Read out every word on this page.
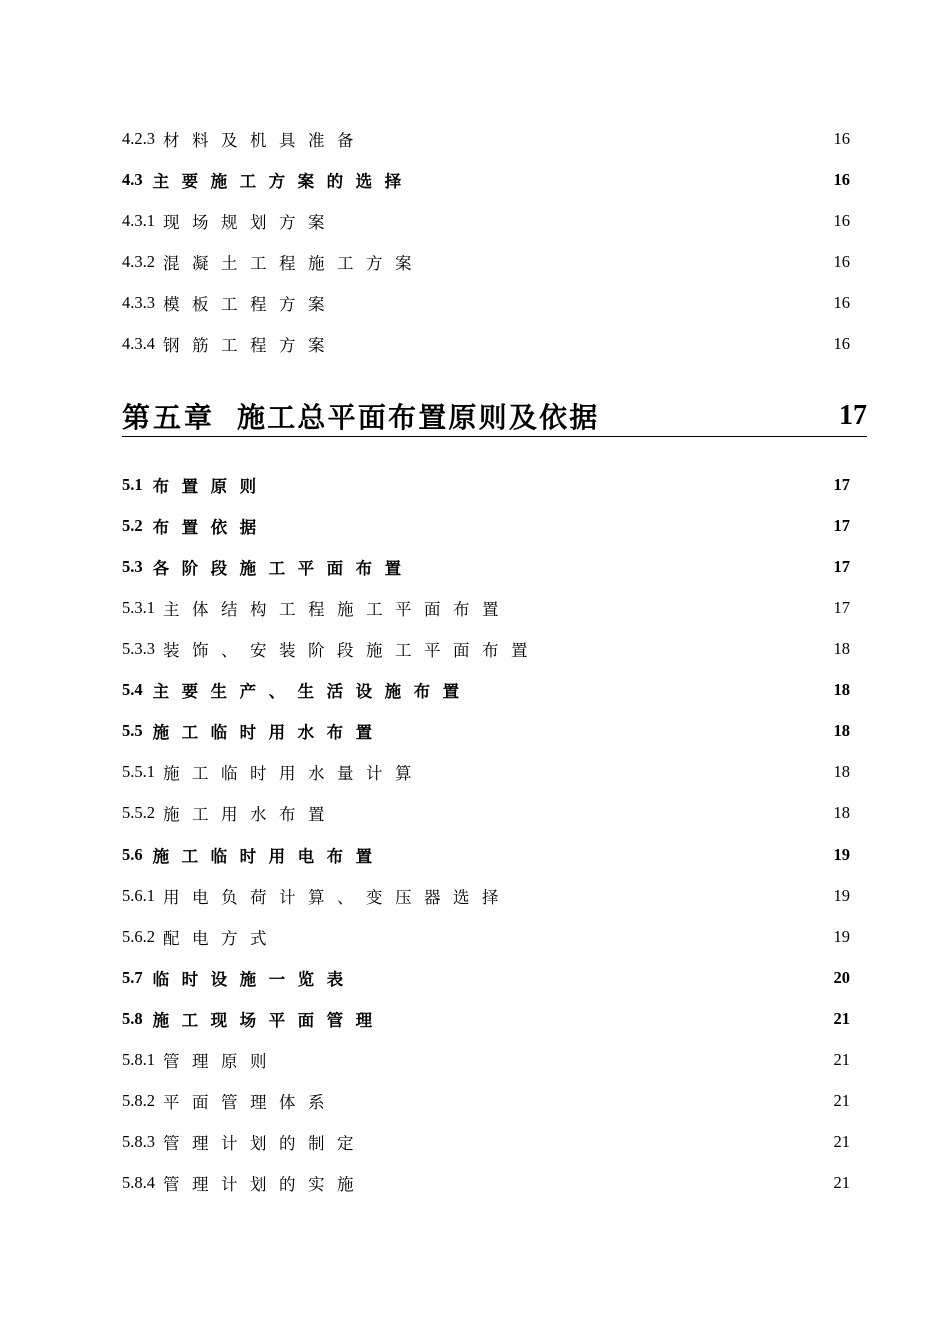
4.2.3 材料及机具准备	16
4.3 主要施工方案的选择	16
4.3.1 现场规划方案	16
4.3.2 混凝土工程施工方案	16
4.3.3 模板工程方案	16
4.3.4 钢筋工程方案	16
第五章 施工总平面布置原则及依据	17
5.1 布置原则	17
5.2 布置依据	17
5.3 各阶段施工平面布置	17
5.3.1 主体结构工程施工平面布置	17
5.3.3 装饰、安装阶段施工平面布置	18
5.4 主要生产、生活设施布置	18
5.5 施工临时用水布置	18
5.5.1 施工临时用水量计算	18
5.5.2 施工用水布置	18
5.6 施工临时用电布置	19
5.6.1 用电负荷计算、变压器选择	19
5.6.2 配电方式	19
5.7 临时设施一览表	20
5.8 施工现场平面管理	21
5.8.1 管理原则	21
5.8.2 平面管理体系	21
5.8.3 管理计划的制定	21
5.8.4 管理计划的实施	21
